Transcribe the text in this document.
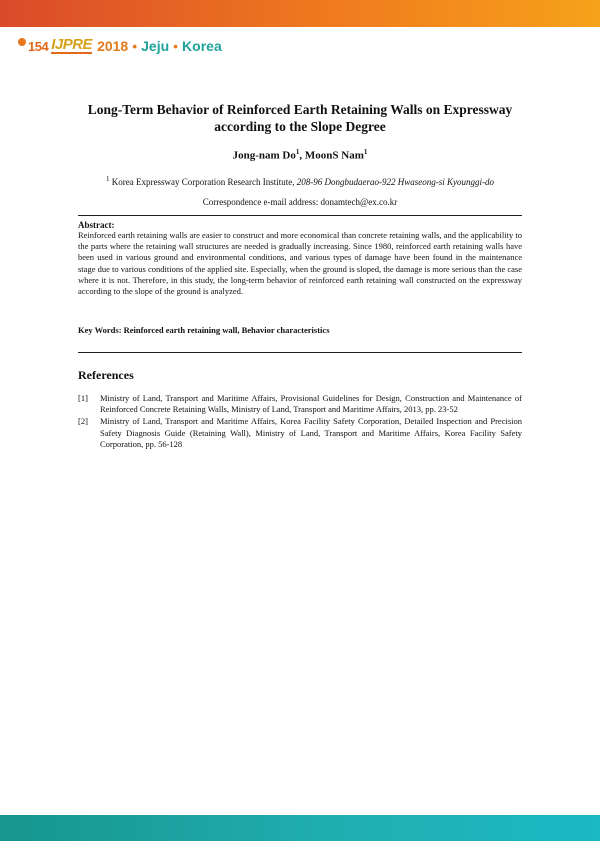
154 IJPRE 2018 • Jeju • Korea
Long-Term Behavior of Reinforced Earth Retaining Walls on Expressway
according to the Slope Degree
Jong-nam Do$^1$, MoonS Nam$^1$
$^1$ Korea Expressway Corporation Research Institute, 208-96 Dongbudaerao-922 Hwaseong-si Kyounggi-do
Correspondence e-mail address: donamtech@ex.co.kr
Abstract:
Reinforced earth retaining walls are easier to construct and more economical than concrete retaining walls, and the applicability to the parts where the retaining wall structures are needed is gradually increasing. Since 1980, reinforced earth retaining walls have been used in various ground and environmental conditions, and various types of damage have been found in the maintenance stage due to various conditions of the applied site. Especially, when the ground is sloped, the damage is more serious than the case where it is not. Therefore, in this study, the long-term behavior of reinforced earth retaining wall constructed on the expressway according to the slope of the ground is analyzed.
Key Words: Reinforced earth retaining wall, Behavior characteristics
References
[1]	Ministry of Land, Transport and Maritime Affairs, Provisional Guidelines for Design, Construction and Maintenance of Reinforced Concrete Retaining Walls, Ministry of Land, Transport and Maritime Affairs, 2013, pp. 23-52
[2]	Ministry of Land, Transport and Maritime Affairs, Korea Facility Safety Corporation, Detailed Inspection and Precision Safety Diagnosis Guide (Retaining Wall), Ministry of Land, Transport and Maritime Affairs, Korea Facility Safety Corporation, pp. 56-128
